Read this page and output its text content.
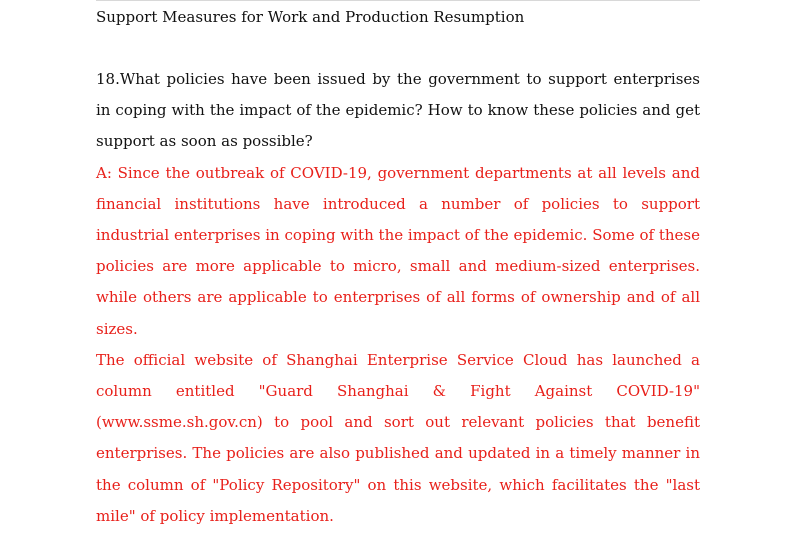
Support Measures for Work and Production Resumption

18.What policies have been issued by the government to support enterprises in coping with the impact of the epidemic? How to know these policies and get support as soon as possible?

A: Since the outbreak of COVID-19, government departments at all levels and financial institutions have introduced a number of policies to support industrial enterprises in coping with the impact of the epidemic. Some of these policies are more applicable to micro, small and medium-sized enterprises. while others are applicable to enterprises of all forms of ownership and of all sizes.

The official website of Shanghai Enterprise Service Cloud has launched a column entitled "Guard Shanghai & Fight Against COVID-19" (www.ssme.sh.gov.cn) to pool and sort out relevant policies that benefit enterprises. The policies are also published and updated in a timely manner in the column of "Policy Repository" on this website, which facilitates the "last mile" of policy implementation.
